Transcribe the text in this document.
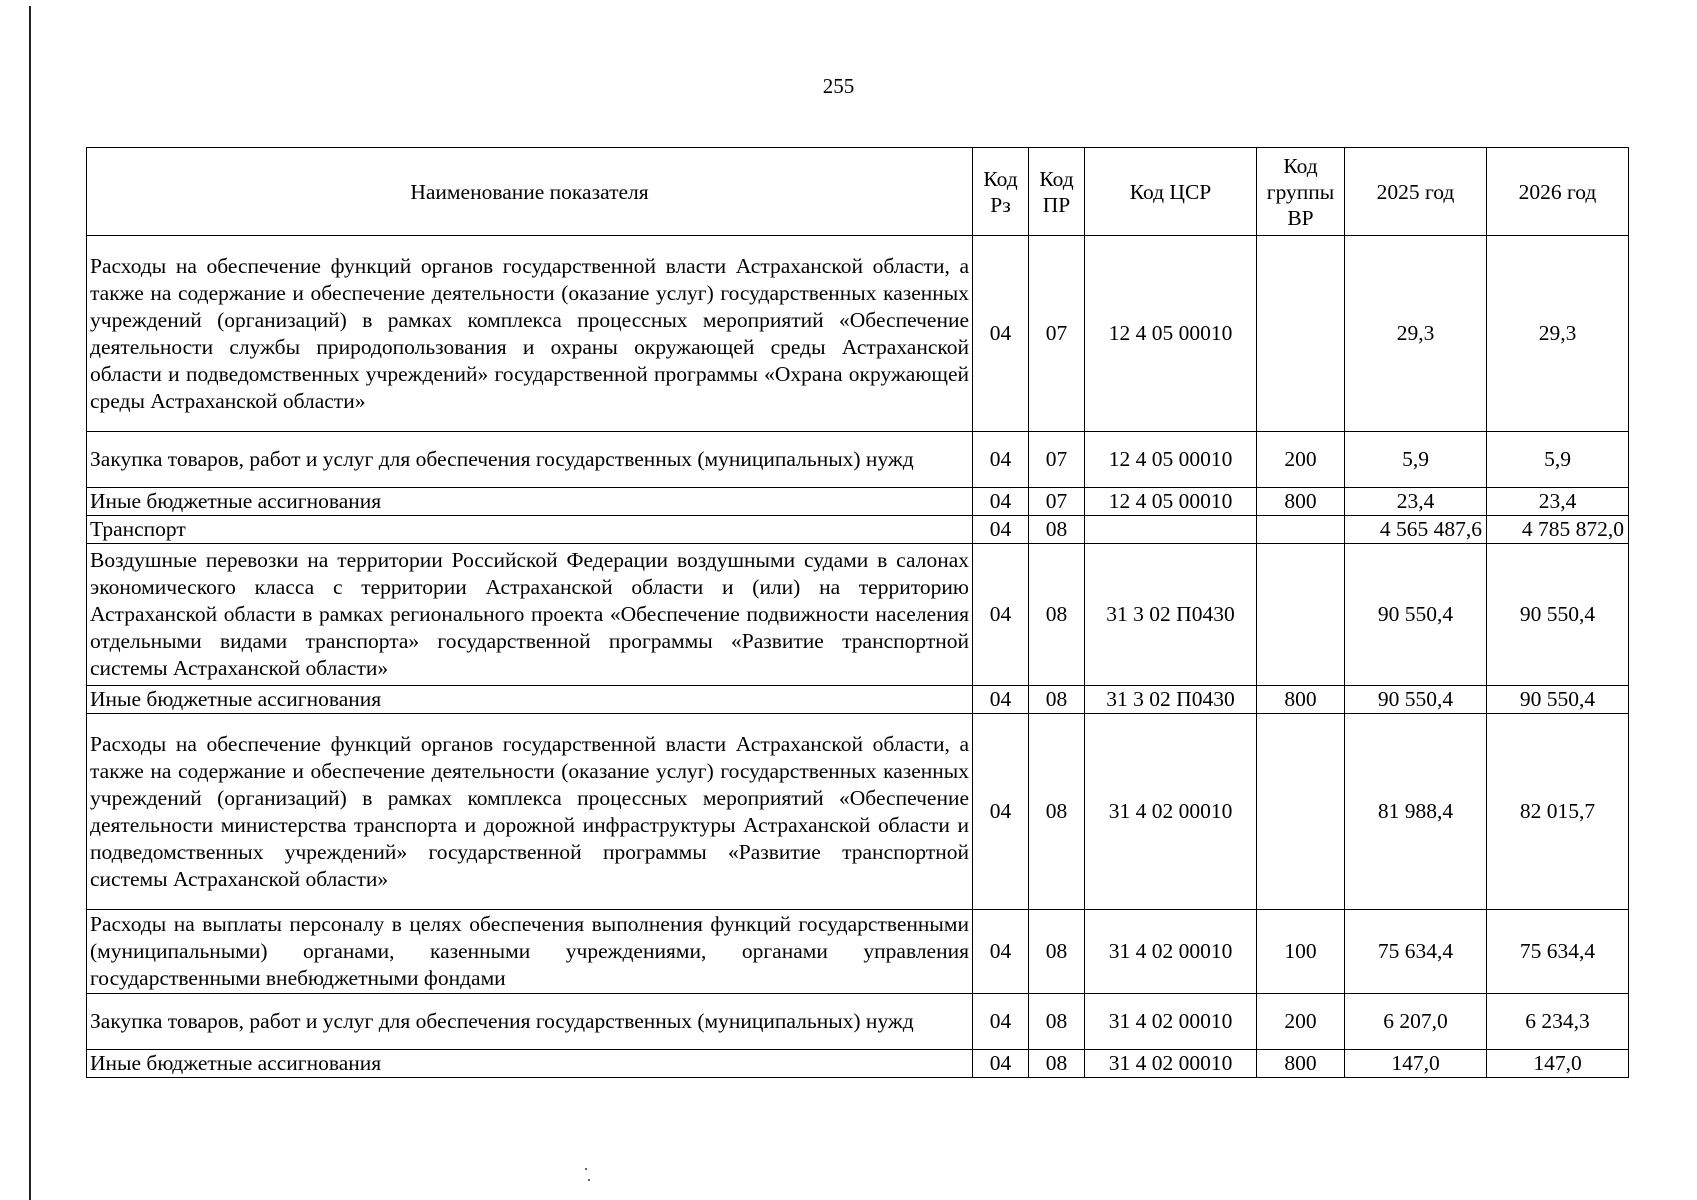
255
Наименование показателя	Код Рз	Код ПР	Код ЦСР	Код группы ВР	2025 год	2026 год
Расходы на обеспечение функций органов государственной власти Астраханской области, а также на содержание и обеспечение деятельности (оказание услуг) государственных казенных учреждений (организаций) в рамках комплекса процессных мероприятий «Обеспечение деятельности службы природопользования и охраны окружающей среды Астраханской области и подведомственных учреждений» государственной программы «Охрана окружающей среды Астраханской области»	04	07	12 4 05 00010		29,3	29,3
Закупка товаров, работ и услуг для обеспечения государственных (муниципальных) нужд	04	07	12 4 05 00010	200	5,9	5,9
Иные бюджетные ассигнования	04	07	12 4 05 00010	800	23,4	23,4
Транспорт	04	08			4 565 487,6	4 785 872,0
Воздушные перевозки на территории Российской Федерации воздушными судами в салонах экономического класса с территории Астраханской области и (или) на территорию Астраханской области в рамках регионального проекта «Обеспечение подвижности населения отдельными видами транспорта» государственной программы «Развитие транспортной системы Астраханской области»	04	08	31 3 02 П0430		90 550,4	90 550,4
Иные бюджетные ассигнования	04	08	31 3 02 П0430	800	90 550,4	90 550,4
Расходы на обеспечение функций органов государственной власти Астраханской области, а также на содержание и обеспечение деятельности (оказание услуг) государственных казенных учреждений (организаций) в рамках комплекса процессных мероприятий «Обеспечение деятельности министерства транспорта и дорожной инфраструктуры Астраханской области и подведомственных учреждений» государственной программы «Развитие транспортной системы Астраханской области»	04	08	31 4 02 00010		81 988,4	82 015,7
Расходы на выплаты персоналу в целях обеспечения выполнения функций государственными (муниципальными) органами, казенными учреждениями, органами управления государственными внебюджетными фондами	04	08	31 4 02 00010	100	75 634,4	75 634,4
Закупка товаров, работ и услуг для обеспечения государственных (муниципальных) нужд	04	08	31 4 02 00010	200	6 207,0	6 234,3
Иные бюджетные ассигнования	04	08	31 4 02 00010	800	147,0	147,0
